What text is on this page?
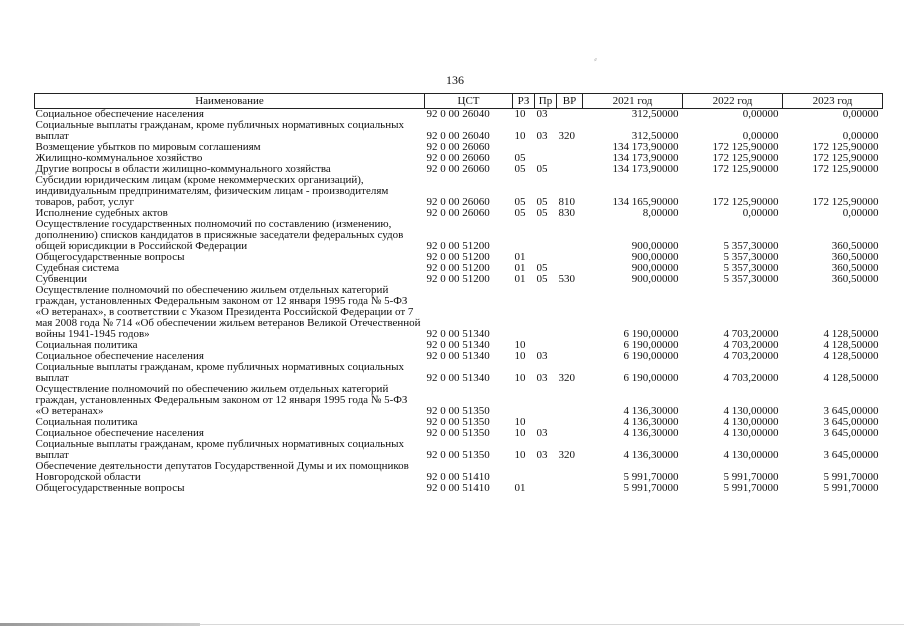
⸗
136
Наименование	ЦСТ	РЗ	Пр	ВР	2021 год	2022 год	2023 год
Социальное обеспечение населения	92 0 00 26040	10	03		312,50000	0,00000	0,00000
Социальные выплаты гражданам, кроме публичных нормативных социальных выплат	92 0 00 26040	10	03	320	312,50000	0,00000	0,00000
Возмещение убытков по мировым соглашениям	92 0 00 26060				134 173,90000	172 125,90000	172 125,90000
Жилищно-коммунальное хозяйство	92 0 00 26060	05			134 173,90000	172 125,90000	172 125,90000
Другие вопросы в области жилищно-коммунального хозяйства	92 0 00 26060	05	05		134 173,90000	172 125,90000	172 125,90000
Субсидии юридическим лицам (кроме некоммерческих организаций), индивидуальным предпринимателям, физическим лицам - производителям товаров, работ, услуг	92 0 00 26060	05	05	810	134 165,90000	172 125,90000	172 125,90000
Исполнение судебных актов	92 0 00 26060	05	05	830	8,00000	0,00000	0,00000
Осуществление государственных полномочий по составлению (изменению, дополнению) списков кандидатов в присяжные заседатели федеральных судов общей юрисдикции в Российской Федерации	92 0 00 51200				900,00000	5 357,30000	360,50000
Общегосударственные вопросы	92 0 00 51200	01			900,00000	5 357,30000	360,50000
Судебная система	92 0 00 51200	01	05		900,00000	5 357,30000	360,50000
Субвенции	92 0 00 51200	01	05	530	900,00000	5 357,30000	360,50000
Осуществление полномочий по обеспечению жильем отдельных категорий граждан, установленных Федеральным законом от 12 января 1995 года № 5-ФЗ «О ветеранах», в соответствии с Указом Президента Российской Федерации от 7 мая 2008 года № 714 «Об обеспечении жильем ветеранов Великой Отечественной войны 1941-1945 годов»	92 0 00 51340				6 190,00000	4 703,20000	4 128,50000
Социальная политика	92 0 00 51340	10			6 190,00000	4 703,20000	4 128,50000
Социальное обеспечение населения	92 0 00 51340	10	03		6 190,00000	4 703,20000	4 128,50000
Социальные выплаты гражданам, кроме публичных нормативных социальных выплат	92 0 00 51340	10	03	320	6 190,00000	4 703,20000	4 128,50000
Осуществление полномочий по обеспечению жильем отдельных категорий граждан, установленных Федеральным законом от 12 января 1995 года № 5-ФЗ «О ветеранах»	92 0 00 51350				4 136,30000	4 130,00000	3 645,00000
Социальная политика	92 0 00 51350	10			4 136,30000	4 130,00000	3 645,00000
Социальное обеспечение населения	92 0 00 51350	10	03		4 136,30000	4 130,00000	3 645,00000
Социальные выплаты гражданам, кроме публичных нормативных социальных выплат	92 0 00 51350	10	03	320	4 136,30000	4 130,00000	3 645,00000
Обеспечение деятельности депутатов Государственной Думы и их помощников Новгородской области	92 0 00 51410				5 991,70000	5 991,70000	5 991,70000
Общегосударственные вопросы	92 0 00 51410	01			5 991,70000	5 991,70000	5 991,70000
